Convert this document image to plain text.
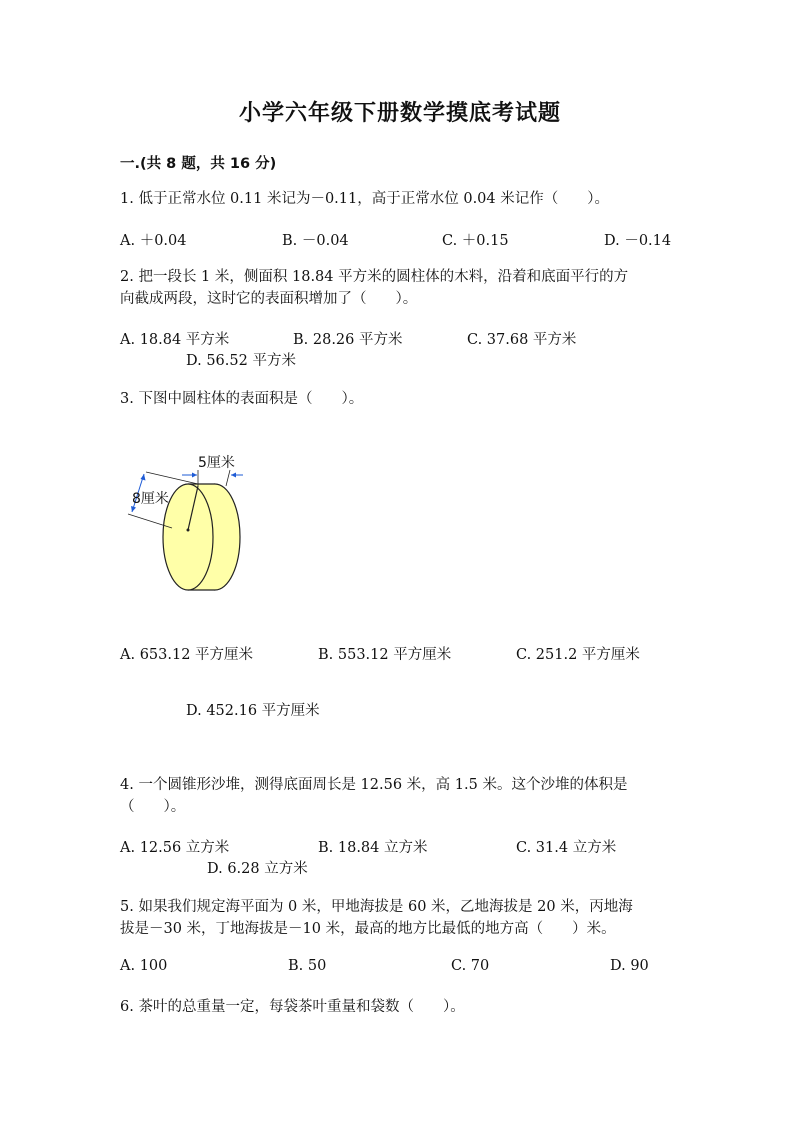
小学六年级下册数学摸底考试题
一.(共 8 题，共 16 分)
1. 低于正常水位 0.11 米记为－0.11，高于正常水位 0.04 米记作（　　）。
A. ＋0.04	B. －0.04	C. ＋0.15	D. －0.14
2. 把一段长 1 米，侧面积 18.84 平方米的圆柱体的木料，沿着和底面平行的方
向截成两段，这时它的表面积增加了（　　）。
A. 18.84 平方米	B. 28.26 平方米	C. 37.68 平方米
D. 56.52 平方米
3. 下图中圆柱体的表面积是（　　）。
5厘米
8厘米
A. 653.12 平方厘米	B. 553.12 平方厘米	C. 251.2 平方厘米
D. 452.16 平方厘米
4. 一个圆锥形沙堆，测得底面周长是 12.56 米，高 1.5 米。这个沙堆的体积是
（　　）。
A. 12.56 立方米	B. 18.84 立方米	C. 31.4 立方米
D. 6.28 立方米
5. 如果我们规定海平面为 0 米，甲地海拔是 60 米，乙地海拔是 20 米，丙地海
拔是－30 米，丁地海拔是－10 米，最高的地方比最低的地方高（　　）米。
A. 100	B. 50	C. 70	D. 90
6. 茶叶的总重量一定，每袋茶叶重量和袋数（　　）。
